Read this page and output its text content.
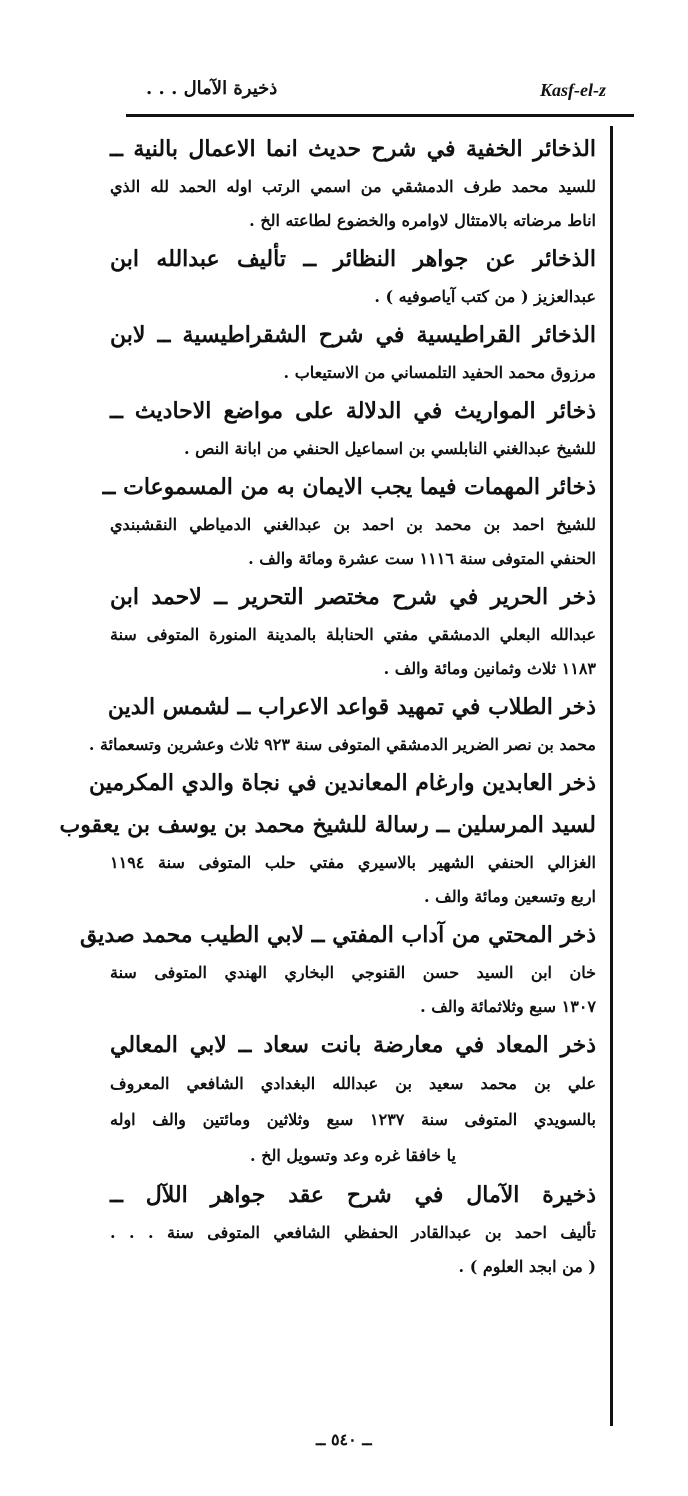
ذخيرة الآمال . . .	Kasf-el-z
الذخائر الخفية في شرح حديث انما الاعمال بالنية ــ
للسيد محمد طرف الدمشقي من اسمي الرتب اوله الحمد لله الذي
اناط مرضاته بالامتثال لاوامره والخضوع لطاعته الخ .
الذخائر عن جواهر النظائر ــ تأليف عبدالله ابن
عبدالعزيز ( من كتب آياصوفيه ) .
الذخائر القراطيسية في شرح الشقراطيسية ــ لابن
مرزوق محمد الحفيد التلمساني من الاستيعاب .
ذخائر المواريث في الدلالة على مواضع الاحاديث ــ
للشيخ عبدالغني النابلسي بن اسماعيل الحنفي من ابانة النص .
ذخائر المهمات فيما يجب الايمان به من المسموعات ــ
للشيخ احمد بن محمد بن احمد بن عبدالغني الدمياطي النقشبندي
الحنفي المتوفى سنة ١١١٦ ست عشرة ومائة والف .
ذخر الحرير في شرح مختصر التحرير ــ لاحمد ابن
عبدالله البعلي الدمشقي مفتي الحنابلة بالمدينة المنورة المتوفى سنة
١١٨٣ ثلاث وثمانين ومائة والف .
ذخر الطلاب في تمهيد قواعد الاعراب ــ لشمس الدين
محمد بن نصر الضرير الدمشقي المتوفى سنة ٩٢٣ ثلاث وعشرين وتسعمائة .
ذخر العابدين وارغام المعاندين في نجاة والدي المكرمين
لسيد المرسلين ــ رسالة للشيخ محمد بن يوسف بن يعقوب
الغزالي الحنفي الشهير بالاسيري مفتي حلب المتوفى سنة ١١٩٤
اربع وتسعين ومائة والف .
ذخر المحتي من آداب المفتي ــ لابي الطيب محمد صديق
خان ابن السيد حسن القنوجي البخاري الهندي المتوفى سنة
١٣٠٧ سبع وثلاثمائة والف .
ذخر المعاد في معارضة بانت سعاد ــ لابي المعالي
علي بن محمد سعيد بن عبدالله البغدادي الشافعي المعروف
بالسويدي المتوفى سنة ١٢٣٧ سبع وثلاثين ومائتين والف اوله
يا خافقا غره وعد وتسويل الخ .
ذخيرة الآمال في شرح عقد جواهر اللآل ــ
تأليف احمد بن عبدالقادر الحفظي الشافعي المتوفى سنة . . .
( من ابجد العلوم ) .
ــ ٥٤٠ ــ
